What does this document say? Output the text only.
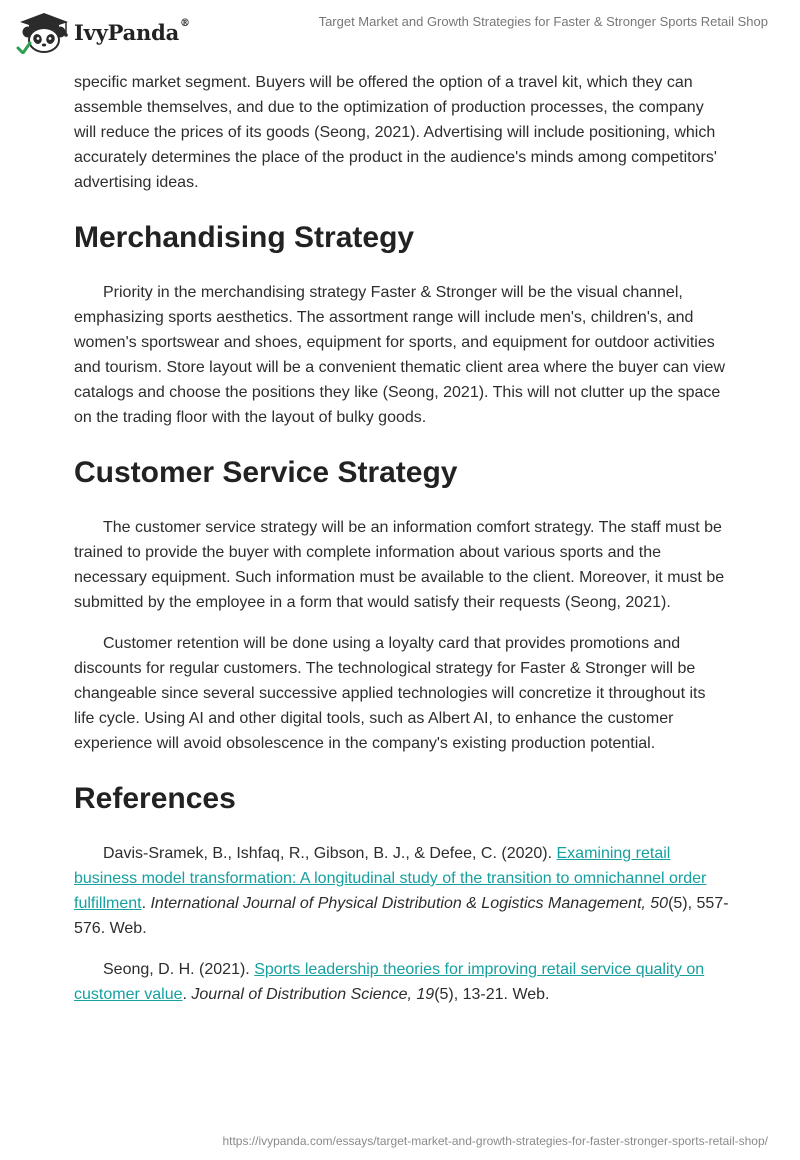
IvyPanda®	Target Market and Growth Strategies for Faster & Stronger Sports Retail Shop

specific market segment. Buyers will be offered the option of a travel kit, which they can assemble themselves, and due to the optimization of production processes, the company will reduce the prices of its goods (Seong, 2021). Advertising will include positioning, which accurately determines the place of the product in the audience's minds among competitors' advertising ideas.

Merchandising Strategy

Priority in the merchandising strategy Faster & Stronger will be the visual channel, emphasizing sports aesthetics. The assortment range will include men's, children's, and women's sportswear and shoes, equipment for sports, and equipment for outdoor activities and tourism. Store layout will be a convenient thematic client area where the buyer can view catalogs and choose the positions they like (Seong, 2021). This will not clutter up the space on the trading floor with the layout of bulky goods.

Customer Service Strategy

The customer service strategy will be an information comfort strategy. The staff must be trained to provide the buyer with complete information about various sports and the necessary equipment. Such information must be available to the client. Moreover, it must be submitted by the employee in a form that would satisfy their requests (Seong, 2021).

Customer retention will be done using a loyalty card that provides promotions and discounts for regular customers. The technological strategy for Faster & Stronger will be changeable since several successive applied technologies will concretize it throughout its life cycle. Using AI and other digital tools, such as Albert AI, to enhance the customer experience will avoid obsolescence in the company's existing production potential.

References

Davis-Sramek, B., Ishfaq, R., Gibson, B. J., & Defee, C. (2020). Examining retail business model transformation: A longitudinal study of the transition to omnichannel order fulfillment. International Journal of Physical Distribution & Logistics Management, 50(5), 557-576. Web.

Seong, D. H. (2021). Sports leadership theories for improving retail service quality on customer value. Journal of Distribution Science, 19(5), 13-21. Web.

https://ivypanda.com/essays/target-market-and-growth-strategies-for-faster-stronger-sports-retail-shop/
